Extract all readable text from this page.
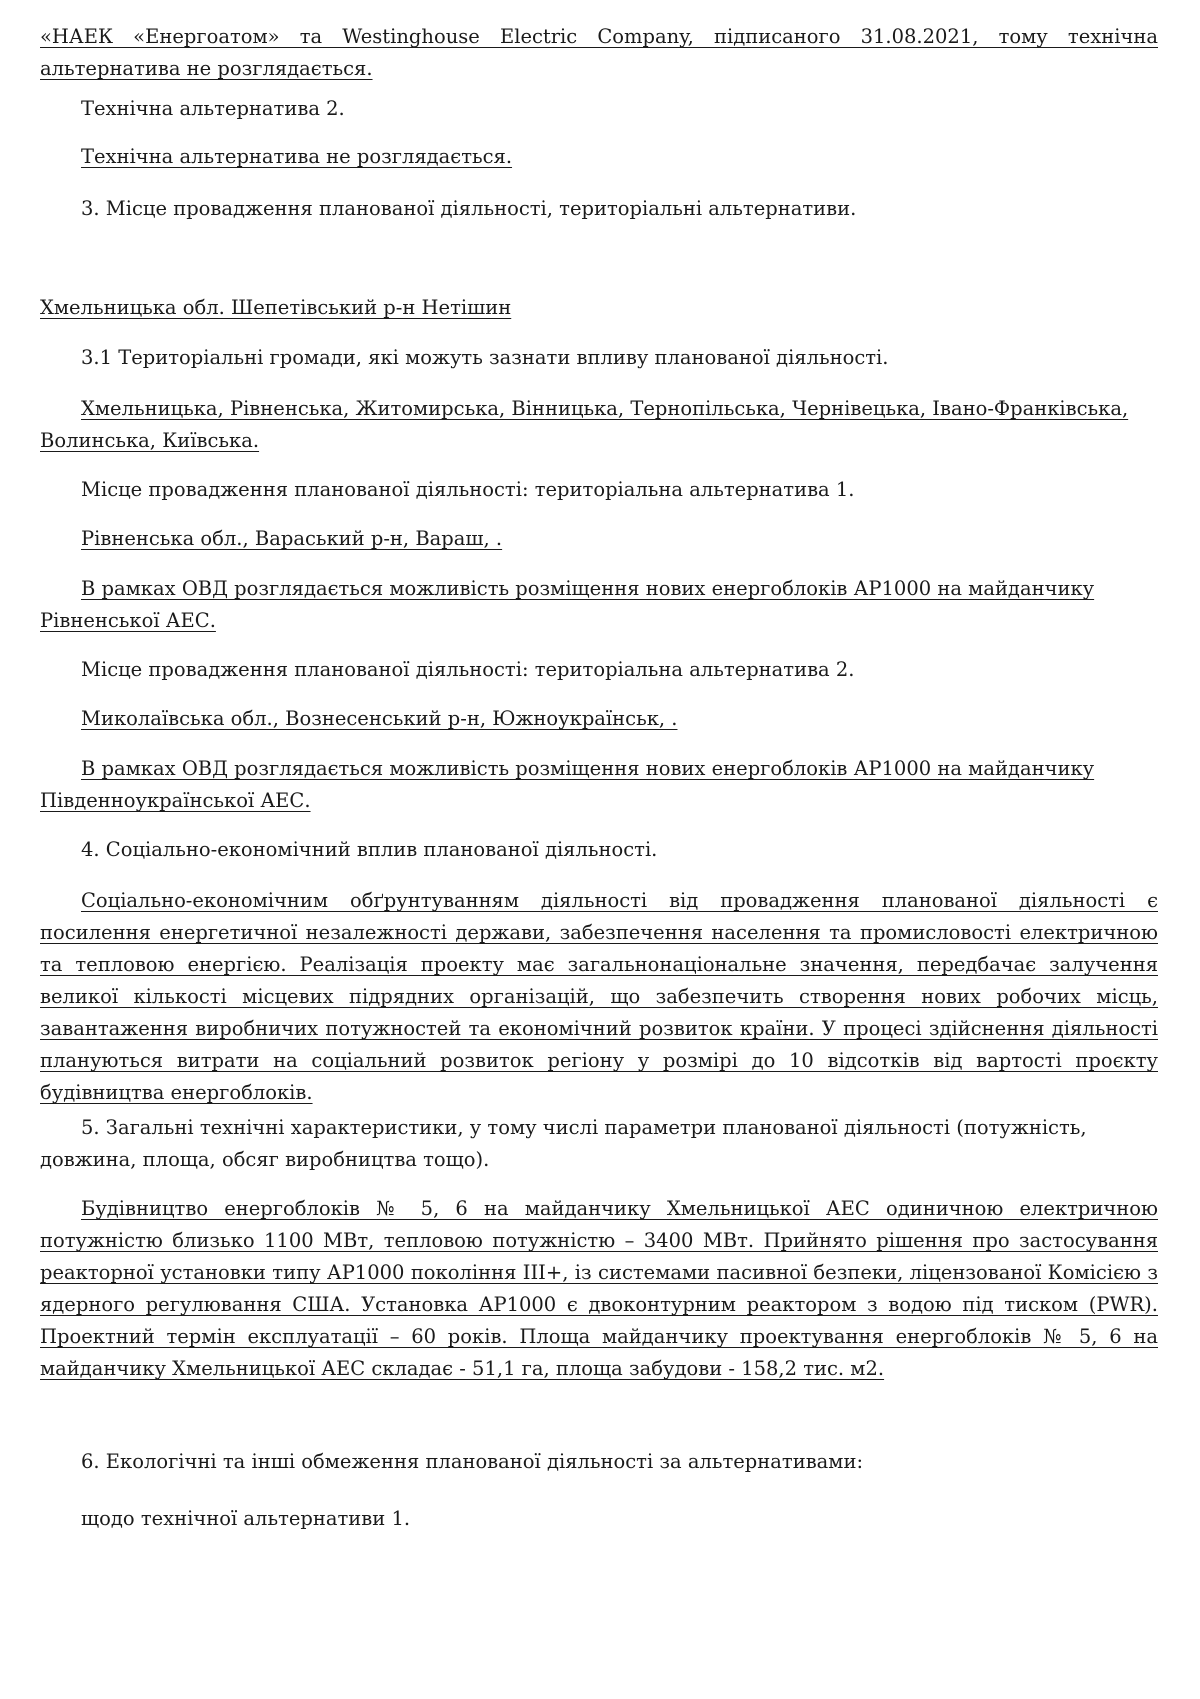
«НАЕК «Енергоатом» та Westinghouse Electric Company, підписаного 31.08.2021, тому технічна альтернатива не розглядається.

Технічна альтернатива 2.

Технічна альтернатива не розглядається.

3. Місце провадження планованої діяльності, територіальні альтернативи.

Хмельницька обл. Шепетівський р-н Нетішин

3.1 Територіальні громади, які можуть зазнати впливу планованої діяльності.

Хмельницька, Рівненська, Житомирська, Вінницька, Тернопільська, Чернівецька, Івано-Франківська, Волинська, Київська.

Місце провадження планованої діяльності: територіальна альтернатива 1.

Рівненська обл., Вараський р-н, Вараш, .

В рамках ОВД розглядається можливість розміщення нових енергоблоків АР1000 на майданчику Рівненської АЕС.

Місце провадження планованої діяльності: територіальна альтернатива 2.

Миколаївська обл., Вознесенський р-н, Южноукраїнськ, .

В рамках ОВД розглядається можливість розміщення нових енергоблоків АР1000 на майданчику Південноукраїнської АЕС.

4. Соціально-економічний вплив планованої діяльності.

Соціально-економічним обґрунтуванням діяльності від провадження планованої діяльності є посилення енергетичної незалежності держави, забезпечення населення та промисловості електричною та тепловою енергією. Реалізація проекту має загальнонаціональне значення, передбачає залучення великої кількості місцевих підрядних організацій, що забезпечить створення нових робочих місць, завантаження виробничих потужностей та економічний розвиток країни. У процесі здійснення діяльності плануються витрати на соціальний розвиток регіону у розмірі до 10 відсотків від вартості проєкту будівництва енергоблоків.

5. Загальні технічні характеристики, у тому числі параметри планованої діяльності (потужність, довжина, площа, обсяг виробництва тощо).

Будівництво енергоблоків № 5, 6 на майданчику Хмельницької АЕС одиничною електричною потужністю близько 1100 МВт, тепловою потужністю – 3400 МВт. Прийнято рішення про застосування реакторної установки типу АР1000 покоління ІІІ+, із системами пасивної безпеки, ліцензованої Комісією з ядерного регулювання США. Установка АР1000 є двоконтурним реактором з водою під тиском (PWR). Проектний термін експлуатації – 60 років. Площа майданчику проектування енергоблоків № 5, 6 на майданчику Хмельницької АЕС складає - 51,1 га, площа забудови - 158,2 тис. м2.

6. Екологічні та інші обмеження планованої діяльності за альтернативами:

щодо технічної альтернативи 1.
